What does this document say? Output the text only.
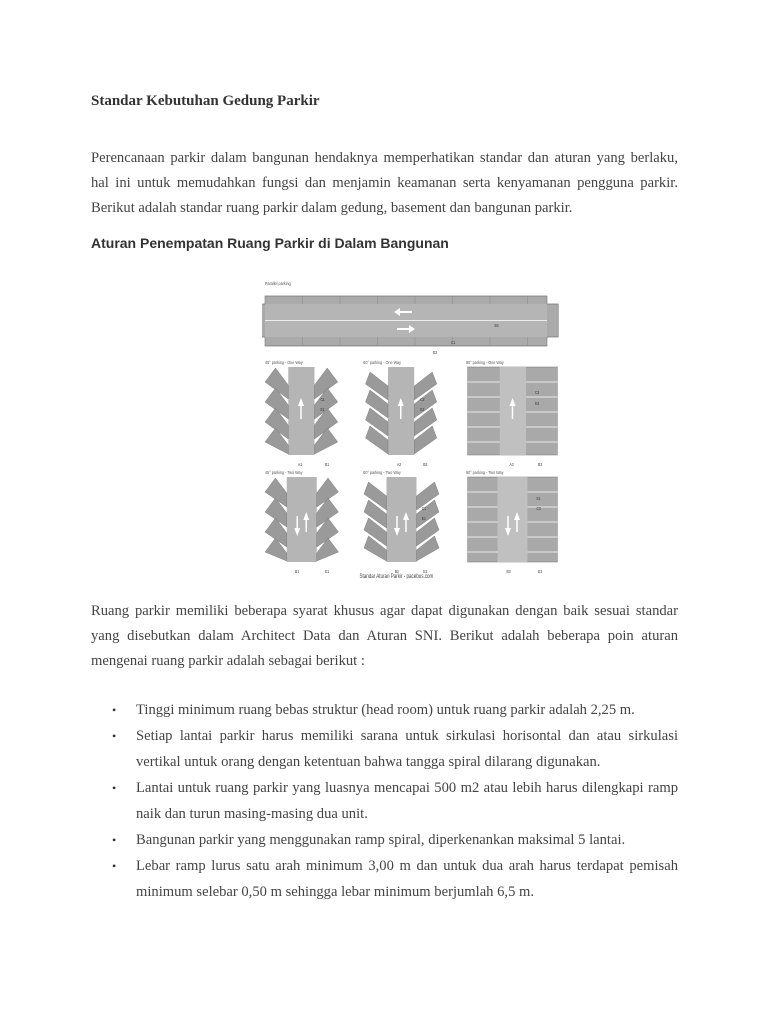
Standar Kebutuhan Gedung Parkir
Perencanaan parkir dalam bangunan hendaknya memperhatikan standar dan aturan yang berlaku, hal ini untuk memudahkan fungsi dan menjamin keamanan serta kenyamanan pengguna parkir. Berikut adalah standar ruang parkir dalam gedung, basement dan bangunan parkir.
Aturan Penempatan Ruang Parkir di Dalam Bangunan
Ruang parkir memiliki beberapa syarat khusus agar dapat digunakan dengan baik sesuai standar yang disebutkan dalam Architect Data dan Aturan SNI. Berikut adalah beberapa poin aturan mengenai ruang parkir adalah sebagai berikut :
• Tinggi minimum ruang bebas struktur (head room) untuk ruang parkir adalah 2,25 m.
• Setiap lantai parkir harus memiliki sarana untuk sirkulasi horisontal dan atau sirkulasi vertikal untuk orang dengan ketentuan bahwa tangga spiral dilarang digunakan.
• Lantai untuk ruang parkir yang luasnya mencapai 500 m2 atau lebih harus dilengkapi ramp naik dan turun masing-masing dua unit.
• Bangunan parkir yang menggunakan ramp spiral, diperkenankan maksimal 5 lantai.
• Lebar ramp lurus satu arah minimum 3,00 m dan untuk dua arah harus terdapat pemisah minimum selebar 0,50 m sehingga lebar minimum berjumlah 6,5 m.
Parallel parking
B4
C1
E2
45° parking - One Way	60° parking - One Way	90° parking - One Way
C1
E1
A1	B1
C2
E2
A2	B2
C3
E3
A3	B3
45° parking - Two Way	60° parking - Two Way	90° parking - Two Way
B1	E1
C1
E1
B2	E2
E1
C3
B3	E3
Standar Aturan Parkir - pacebus.com
